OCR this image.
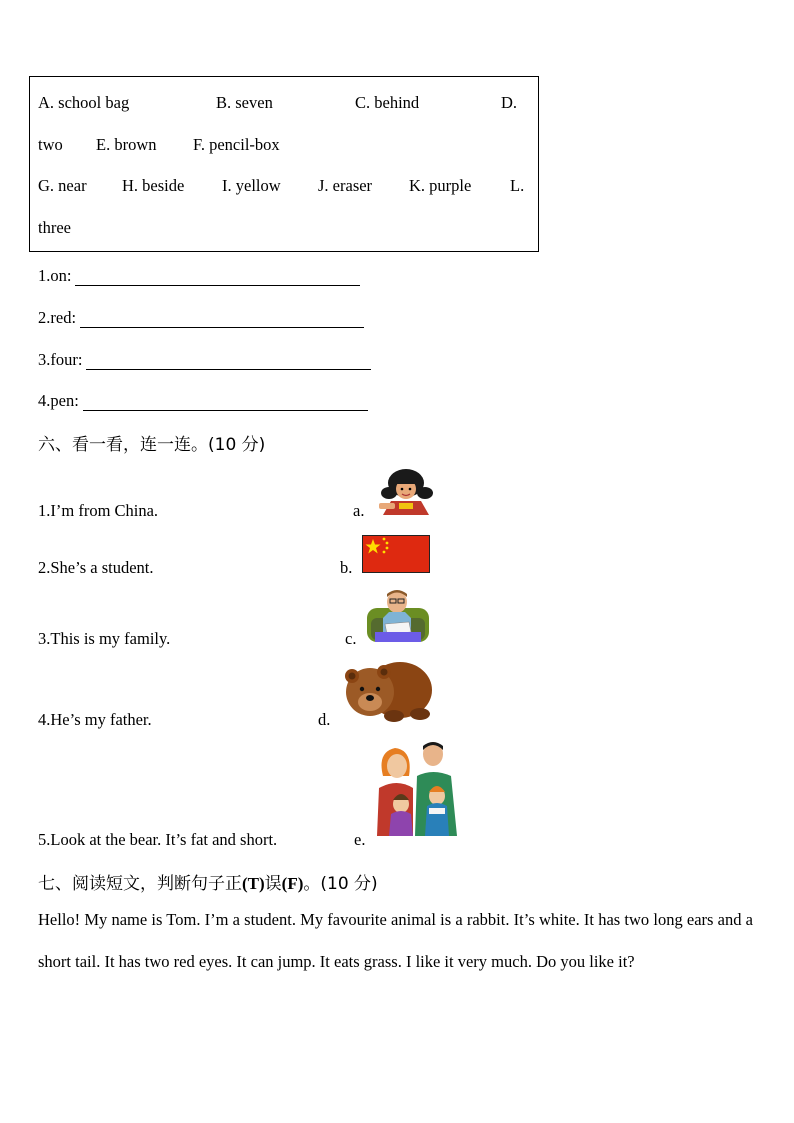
A. school bag	B. seven	C. behind	D.
two E. brown F. pencil-box
G. near H. beside I. yellow J. eraser K. purple L.
three
1.on:
2.red:
3.four:
4.pen:
六、看一看，连一连。(10 分)
1.I’m from China.	a.
2.She’s a student.	b.
3.This is my family.	c.
4.He’s my father.	d.
5.Look at the bear. It’s fat and short.	e.
七、阅读短文，判断句子正(T)误(F)。(10 分)
Hello! My name is Tom. I’m a student. My favourite animal is a rabbit. It’s white. It has two long ears and a short tail. It has two red eyes. It can jump. It eats grass. I like it very much. Do you like it?
